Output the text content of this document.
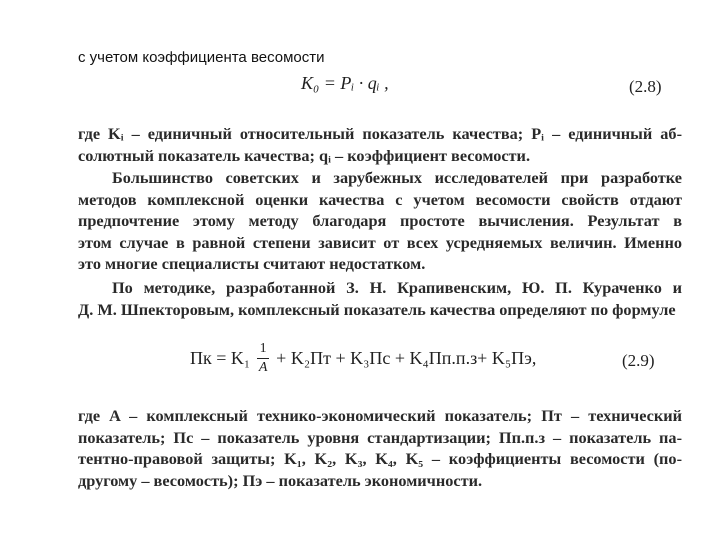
с учетом коэффициента весомости
K₀ = Pᵢ · qᵢ ,	(2.8)
где Kᵢ – единичный относительный показатель качества; Pᵢ – единичный аб-
солютный показатель качества; qᵢ – коэффициент весомости.
Большинство советских и зарубежных исследователей при разработке
методов комплексной оценки качества с учетом весомости свойств отдают
предпочтение этому методу благодаря простоте вычисления. Результат в
этом случае в равной степени зависит от всех усредняемых величин. Именно
это многие специалисты считают недостатком.
По методике, разработанной З. Н. Крапивенским, Ю. П. Кураченко и
Д. М. Шпекторовым, комплексный показатель качества определяют по формуле
Пк = $K_1 \frac{1}{A} + K_2Пт + K_3Пс + K_4Пп.п.з+ K_5Пэ$,	(2.9)
где A – комплексный технико-экономический показатель; Пт – технический
показатель; Пс – показатель уровня стандартизации; Пп.п.з – показатель па-
тентно-правовой защиты; K₁, K₂, K₃, K₄, K₅ – коэффициенты весомости (по-
другому – весомость); Пэ – показатель экономичности.
